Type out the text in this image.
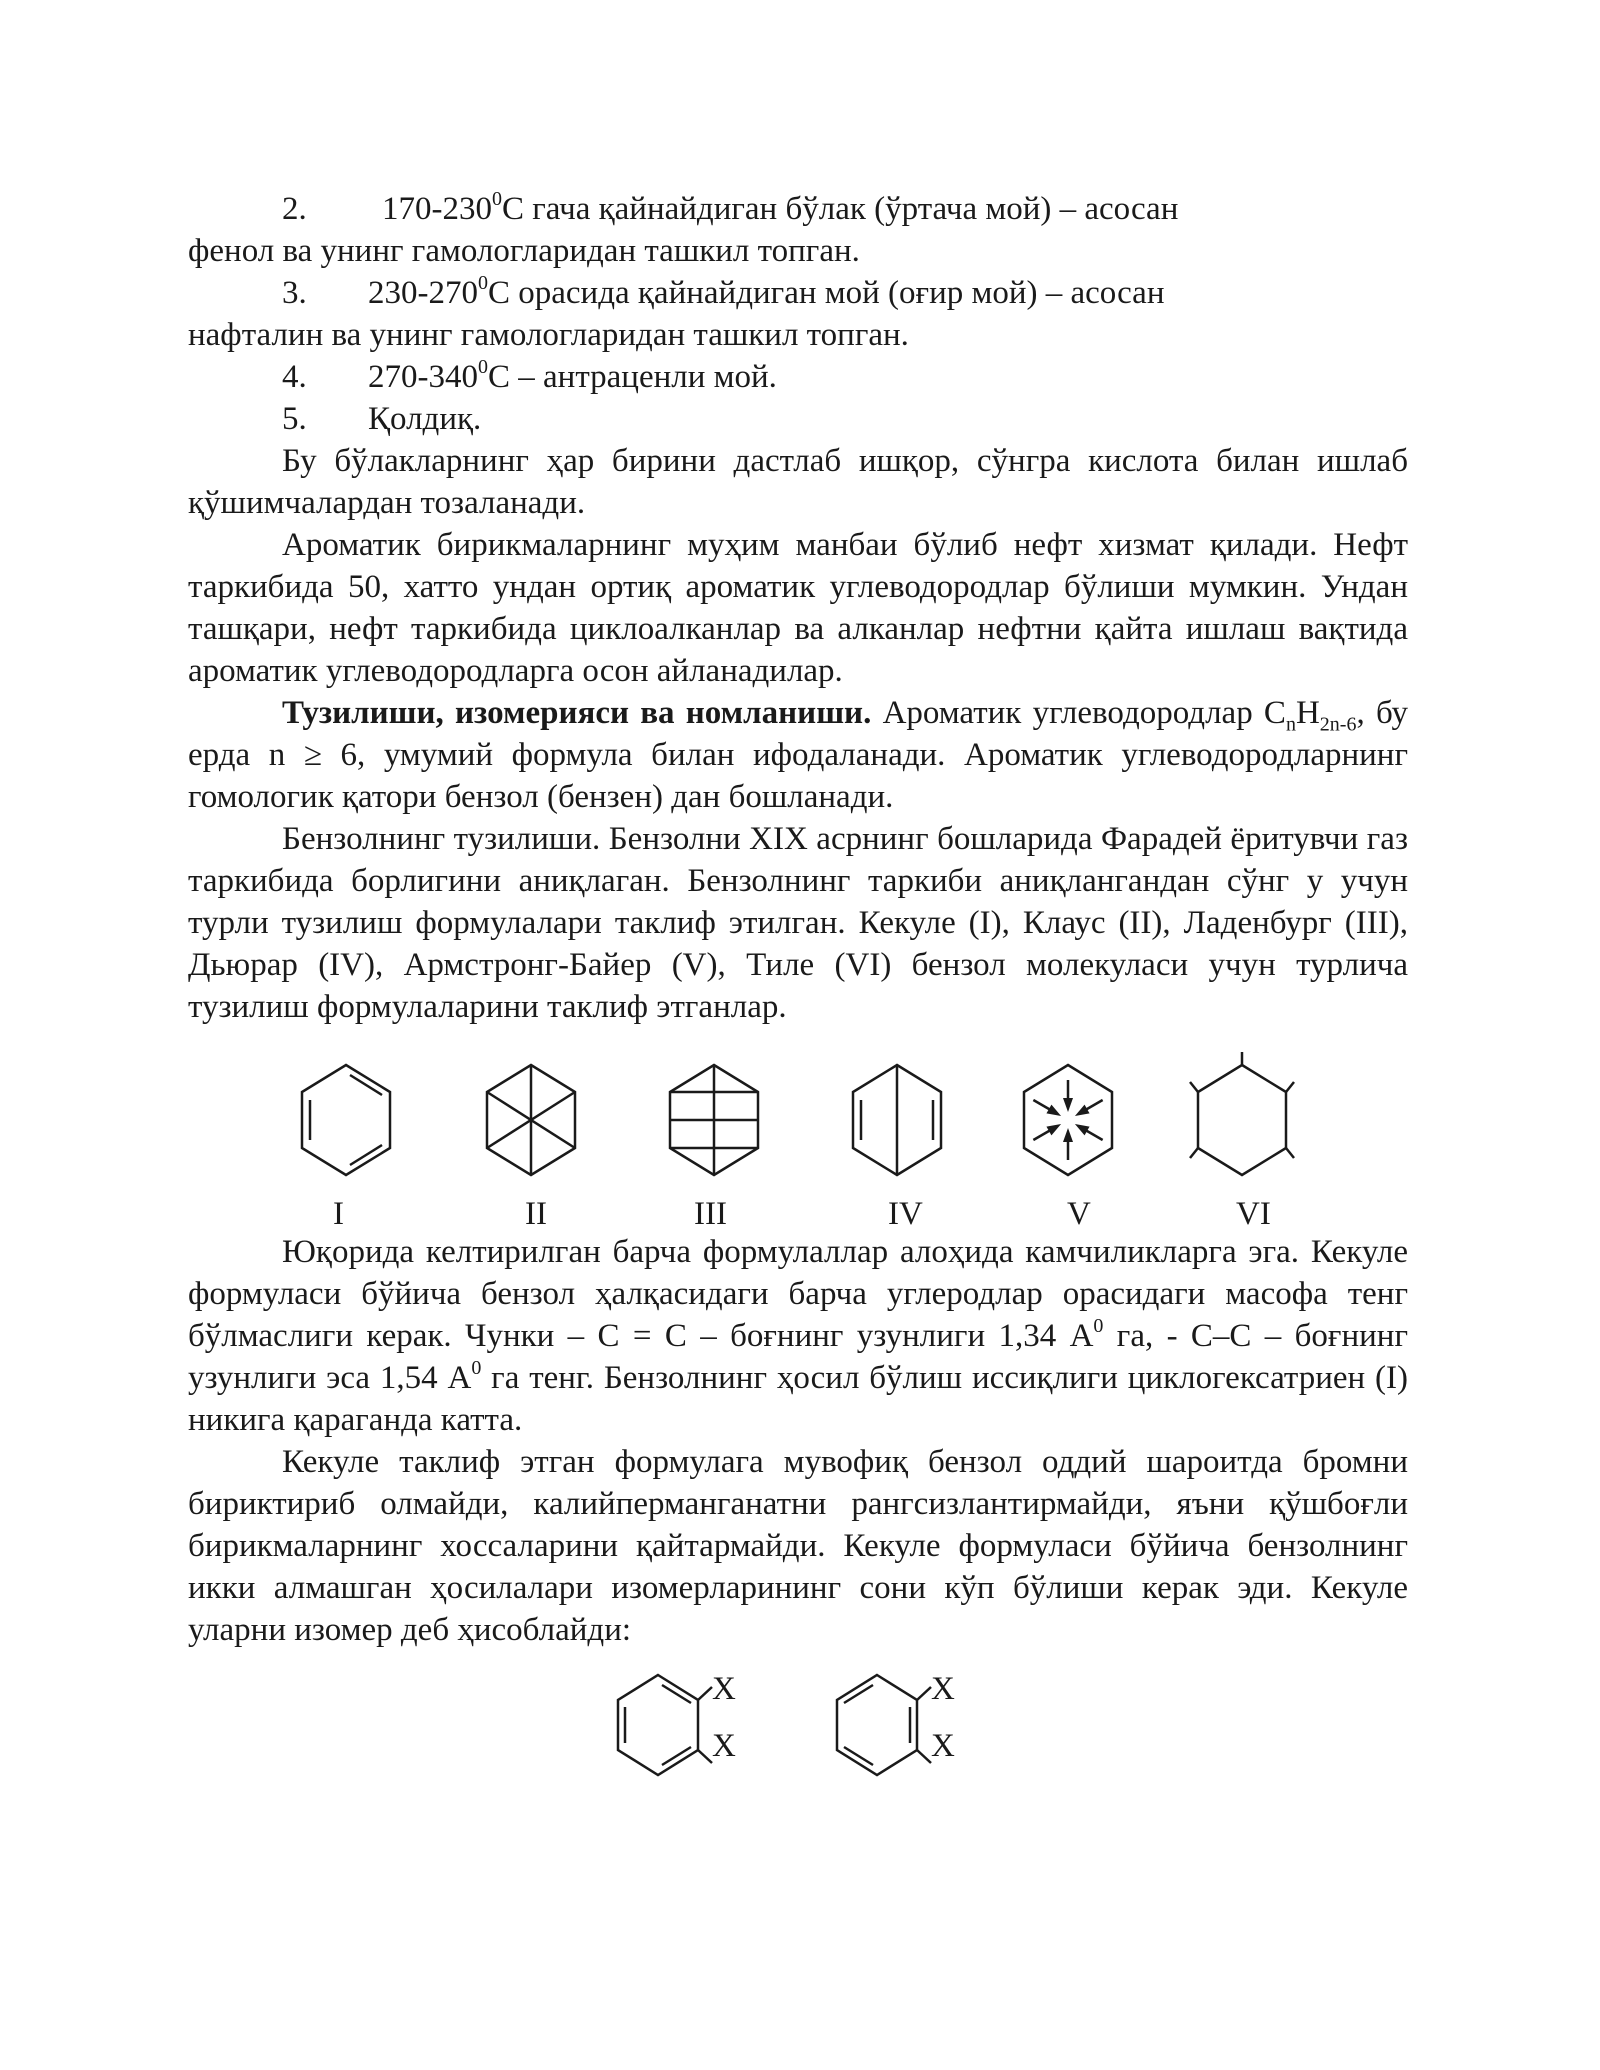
2.	$170-230^0С$ гача қайнайдиган бўлак (ўртача мой) – асосан

фенол ва унинг гамологларидан ташкил топган.

3.	$230-270^0С$ орасида қайнайдиган мой (оғир мой) – асосан

нафталин ва унинг гамологларидан ташкил топган.

4.	$270-340^0С$ – антраценли мой.
5.	Қолдиқ.

Бу бўлакларнинг ҳар бирини дастлаб ишқор, сўнгра кислота билан ишлаб қўшимчалардан тозаланади.

Ароматик бирикмаларнинг муҳим манбаи бўлиб нефт хизмат қилади. Нефт таркибида 50, хатто ундан ортиқ ароматик углеводородлар бўлиши мумкин. Ундан ташқари, нефт таркибида циклоалканлар ва алканлар нефтни қайта ишлаш вақтида ароматик углеводородларга осон айланадилар.

Тузилиши, изомерияси ва номланиши. Ароматик углеводородлар $С_nН_{2n-6}$, бу ерда n ≥ 6, умумий формула билан ифодаланади. Ароматик углеводородларнинг гомологик қатори бензол (бензен) дан бошланади.

Бензолнинг тузилиши. Бензолни XIX асрнинг бошларида Фарадей ёритувчи газ таркибида борлигини аниқлаган. Бензолнинг таркиби аниқлангандан сўнг у учун турли тузилиш формулалари таклиф этилган. Кекуле (I), Клаус (II), Ладенбург (III), Дьюрар (IV), Армстронг-Байер (V), Тиле (VI) бензол молекуласи учун турлича тузилиш формулаларини таклиф этганлар.

I	II	III	IV	V	VI

Юқорида келтирилган барча формулаллар алоҳида камчиликларга эга. Кекуле формуласи бўйича бензол ҳалқасидаги барча углеродлар орасидаги масофа тенг бўлмаслиги керак. Чунки – С = С – боғнинг узунлиги 1,34 $А^0$ га, - С–С – боғнинг узунлиги эса 1,54 $А^0$ га тенг. Бензолнинг ҳосил бўлиш иссиқлиги циклогексатриен (I) никига қараганда катта.

Кекуле таклиф этган формулага мувофиқ бензол оддий шароитда бромни бириктириб олмайди, калийперманганатни рангсизлантирмайди, яъни қўшбоғли бирикмаларнинг хоссаларини қайтармайди. Кекуле формуласи бўйича бензолнинг икки алмашган ҳосилалари изомерларининг сони кўп бўлиши керак эди. Кекуле уларни изомер деб ҳисоблайди:

X
X
X
X
